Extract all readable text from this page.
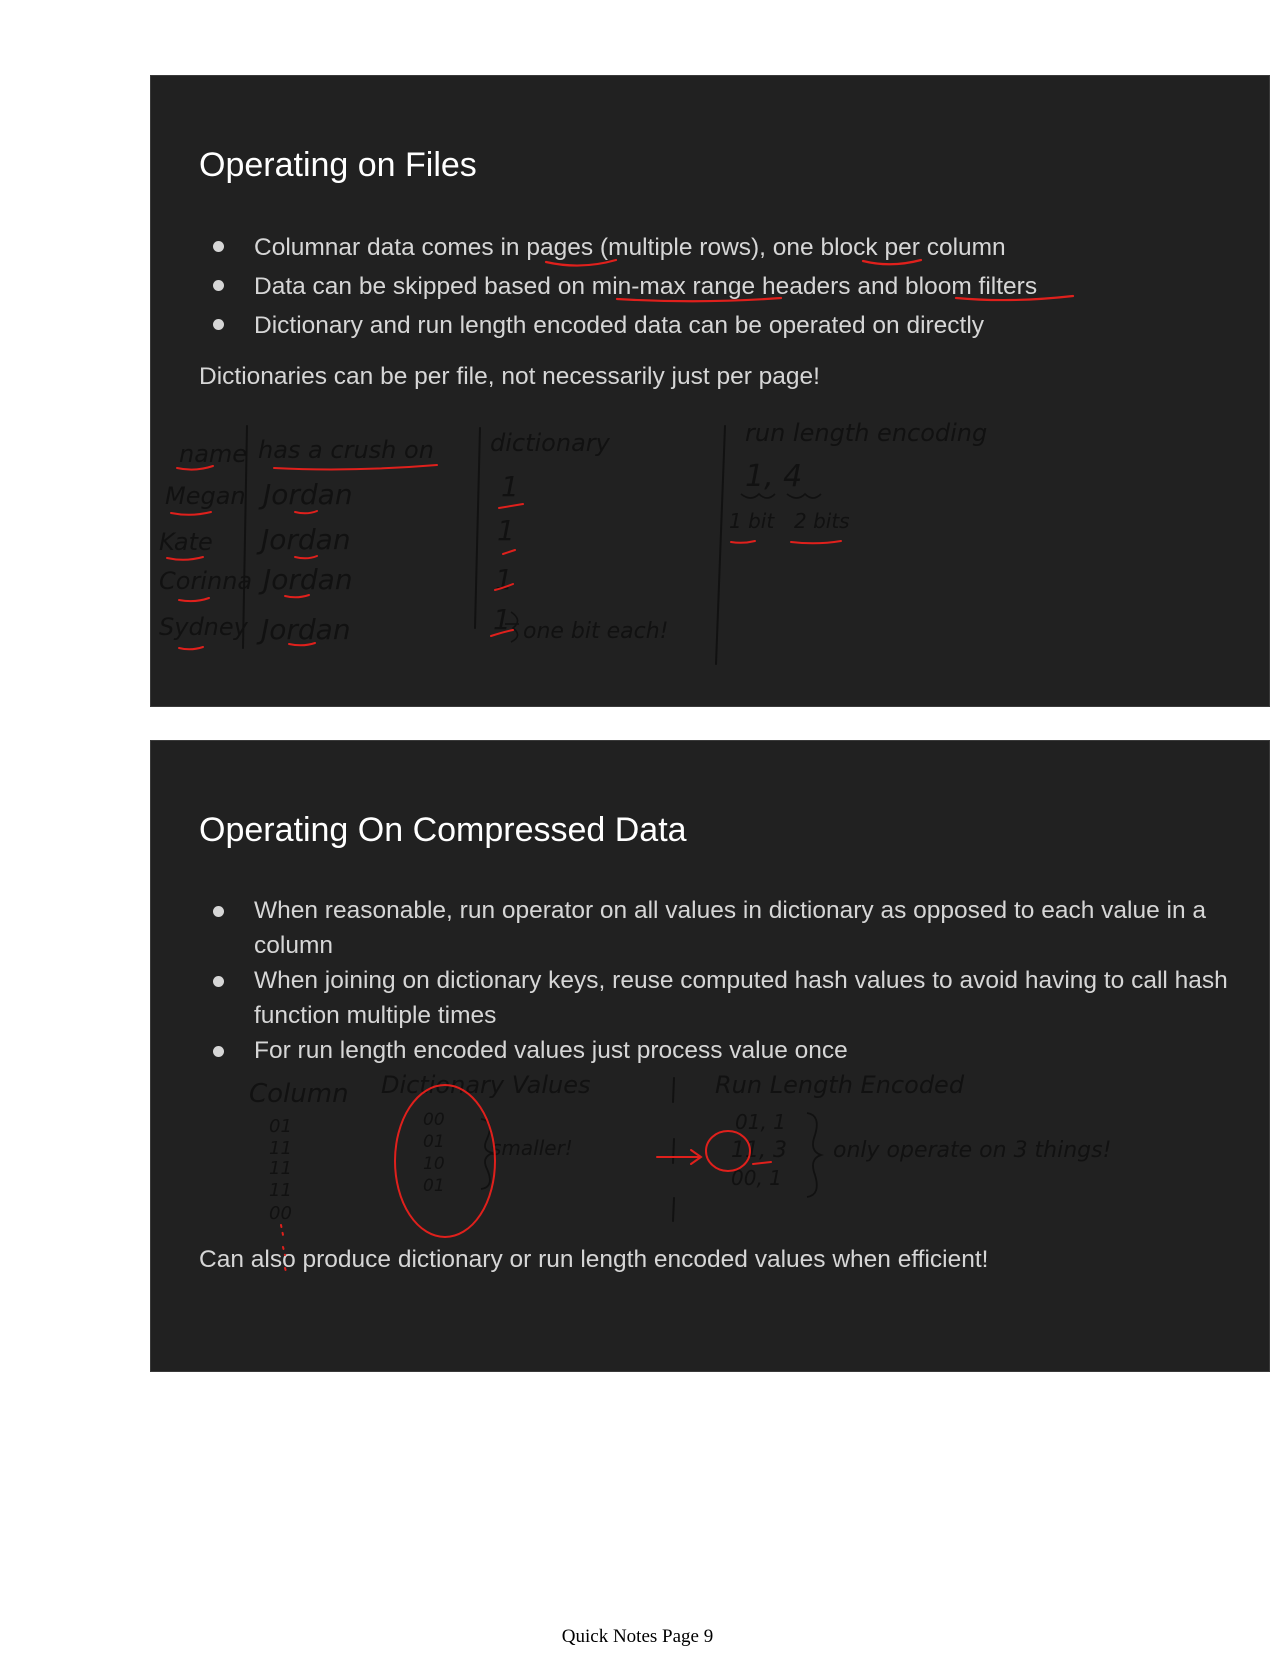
Operating on Files
Columnar data comes in pages (multiple rows), one block per column
Data can be skipped based on min-max range headers and bloom filters
Dictionary and run length encoded data can be operated on directly

Dictionaries can be per file, not necessarily just per page!

name has a crush on dictionary	run length encoding
Megan
Kate
Corinna
Sydney
Jordan
Jordan
Jordan
Jordan
1
1
1
1 one bit each!
1, 4
1 bit 2 bits
Operating On Compressed Data
When reasonable, run operator on all values in dictionary as opposed to each value in a column
When joining on dictionary keys, reuse computed hash values to avoid having to call hash function multiple times
For run length encoded values just process value once

Can also produce dictionary or run length encoded values when efficient!

Column Dictionary Values	Run Length Encoded
01
11
11
11
00
00
01
10
01
smaller!
01, 1
11, 3
00, 1
only operate on 3 things!
Quick Notes Page 9
